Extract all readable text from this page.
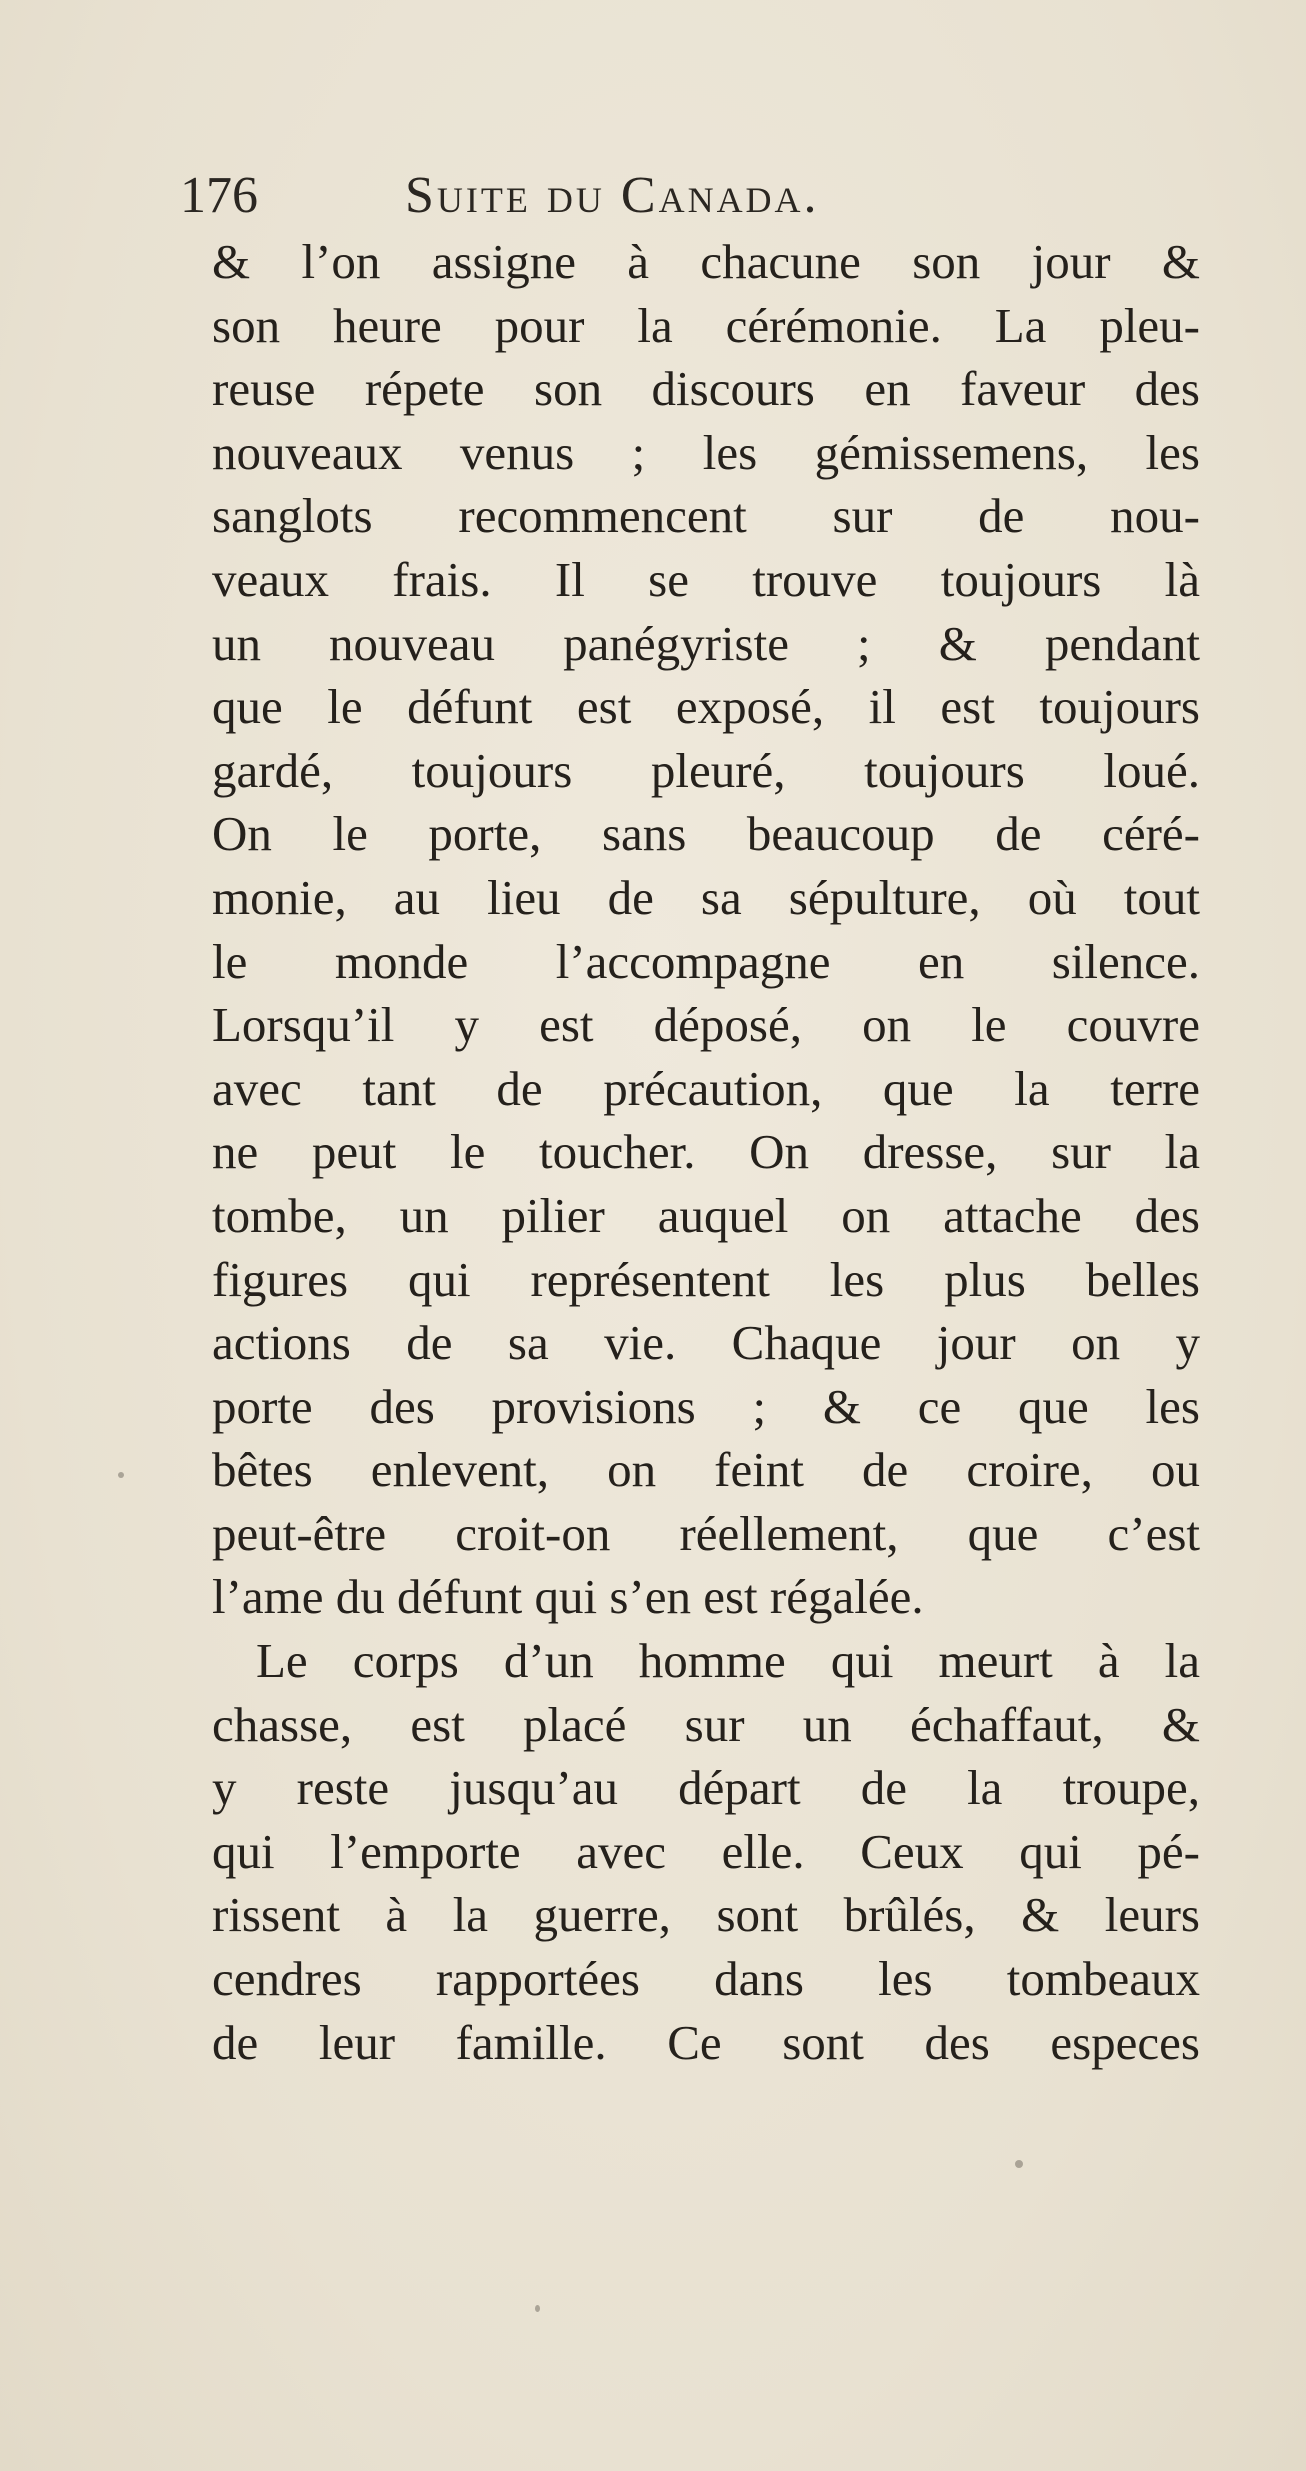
176	Suite du Canada.
& l’on assigne à chacune son jour &
son heure pour la cérémonie. La pleu-
reuse répete son discours en faveur des
nouveaux venus ; les gémissemens, les
sanglots recommencent sur de nou-
veaux frais. Il se trouve toujours là
un nouveau panégyriste ; & pendant
que le défunt est exposé, il est toujours
gardé, toujours pleuré, toujours loué.
On le porte, sans beaucoup de céré-
monie, au lieu de sa sépulture, où tout
le monde l’accompagne en silence.
Lorsqu’il y est déposé, on le couvre
avec tant de précaution, que la terre
ne peut le toucher. On dresse, sur la
tombe, un pilier auquel on attache des
figures qui représentent les plus belles
actions de sa vie. Chaque jour on y
porte des provisions ; & ce que les
bêtes enlevent, on feint de croire, ou
peut-être croit-on réellement, que c’est
l’ame du défunt qui s’en est régalée.
Le corps d’un homme qui meurt à la
chasse, est placé sur un échaffaut, &
y reste jusqu’au départ de la troupe,
qui l’emporte avec elle. Ceux qui pé-
rissent à la guerre, sont brûlés, & leurs
cendres rapportées dans les tombeaux
de leur famille. Ce sont des especes
